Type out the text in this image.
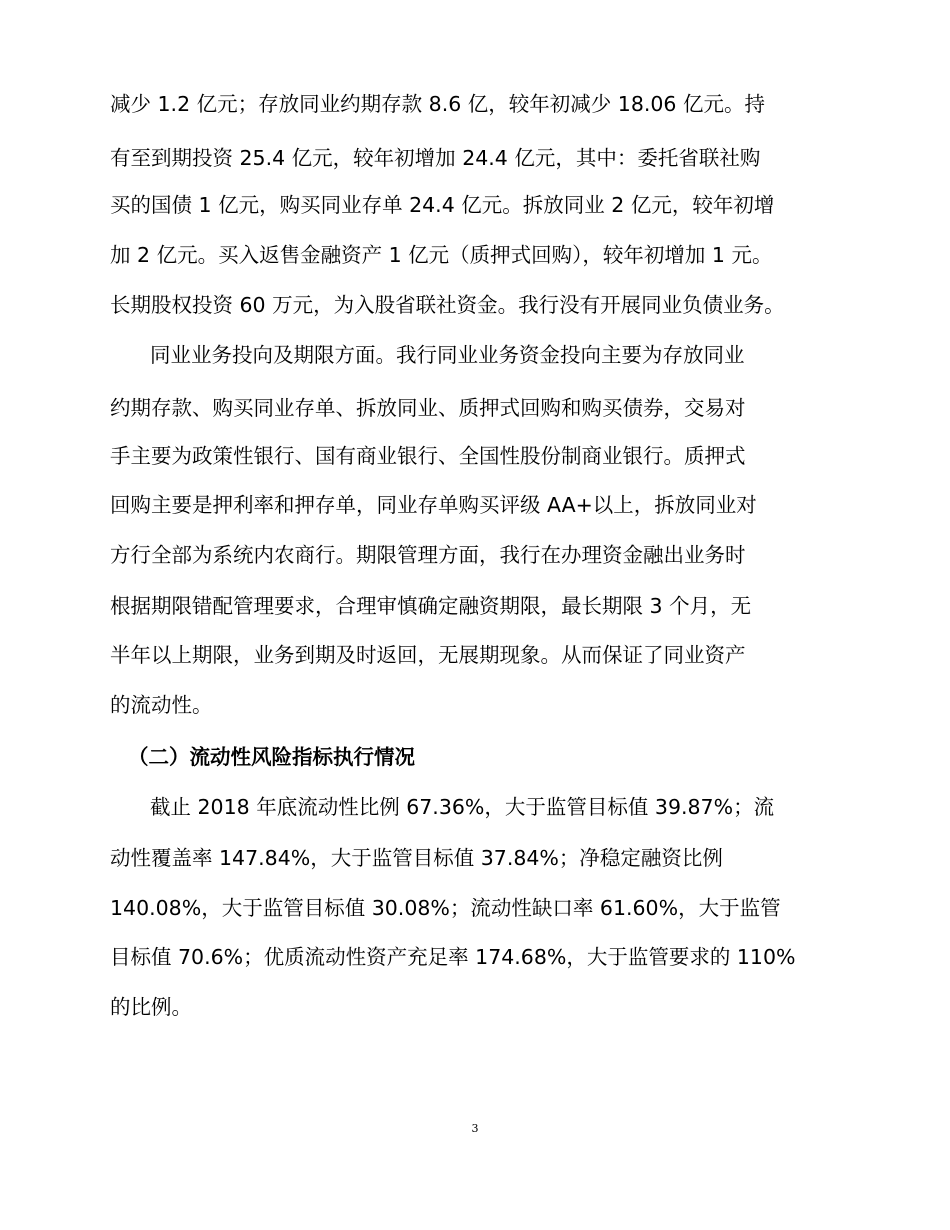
减少 1.2 亿元；存放同业约期存款 8.6 亿，较年初减少 18.06 亿元。持
有至到期投资 25.4 亿元，较年初增加 24.4 亿元，其中：委托省联社购
买的国债 1 亿元，购买同业存单 24.4 亿元。拆放同业 2 亿元，较年初增
加 2 亿元。买入返售金融资产 1 亿元（质押式回购），较年初增加 1 元。
长期股权投资 60 万元，为入股省联社资金。我行没有开展同业负债业务。
同业业务投向及期限方面。我行同业业务资金投向主要为存放同业
约期存款、购买同业存单、拆放同业、质押式回购和购买债券，交易对
手主要为政策性银行、国有商业银行、全国性股份制商业银行。质押式
回购主要是押利率和押存单，同业存单购买评级 AA+以上，拆放同业对
方行全部为系统内农商行。期限管理方面，我行在办理资金融出业务时
根据期限错配管理要求，合理审慎确定融资期限，最长期限 3 个月，无
半年以上期限，业务到期及时返回，无展期现象。从而保证了同业资产
的流动性。
（二）流动性风险指标执行情况
截止 2018 年底流动性比例 67.36%，大于监管目标值 39.87%；流
动性覆盖率 147.84%，大于监管目标值 37.84%；净稳定融资比例
140.08%，大于监管目标值 30.08%；流动性缺口率 61.60%，大于监管
目标值 70.6%；优质流动性资产充足率 174.68%，大于监管要求的 110%
的比例。
3
